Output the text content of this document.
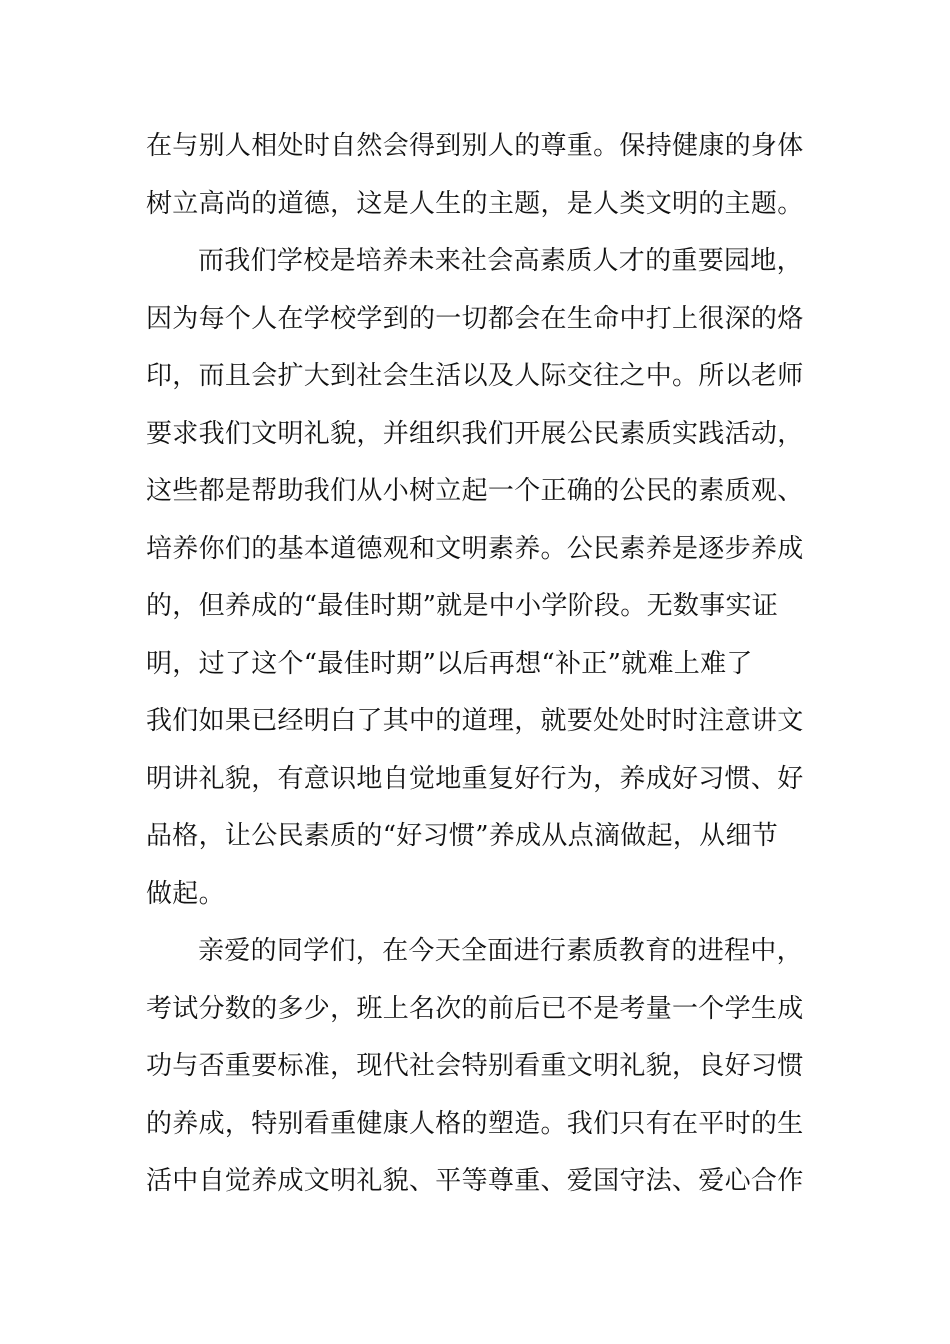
在与别人相处时自然会得到别人的尊重。保持健康的身体
树立高尚的道德，这是人生的主题，是人类文明的主题。
而我们学校是培养未来社会高素质人才的重要园地，
因为每个人在学校学到的一切都会在生命中打上很深的烙
印，而且会扩大到社会生活以及人际交往之中。所以老师
要求我们文明礼貌，并组织我们开展公民素质实践活动，
这些都是帮助我们从小树立起一个正确的公民的素质观、
培养你们的基本道德观和文明素养。公民素养是逐步养成
的，但养成的“最佳时期”就是中小学阶段。无数事实证
明，过了这个“最佳时期”以后再想“补正”就难上难了
我们如果已经明白了其中的道理，就要处处时时注意讲文
明讲礼貌，有意识地自觉地重复好行为，养成好习惯、好
品格，让公民素质的“好习惯”养成从点滴做起，从细节
做起。
亲爱的同学们，在今天全面进行素质教育的进程中，
考试分数的多少，班上名次的前后已不是考量一个学生成
功与否重要标准，现代社会特别看重文明礼貌，良好习惯
的养成，特别看重健康人格的塑造。我们只有在平时的生
活中自觉养成文明礼貌、平等尊重、爱国守法、爱心合作
